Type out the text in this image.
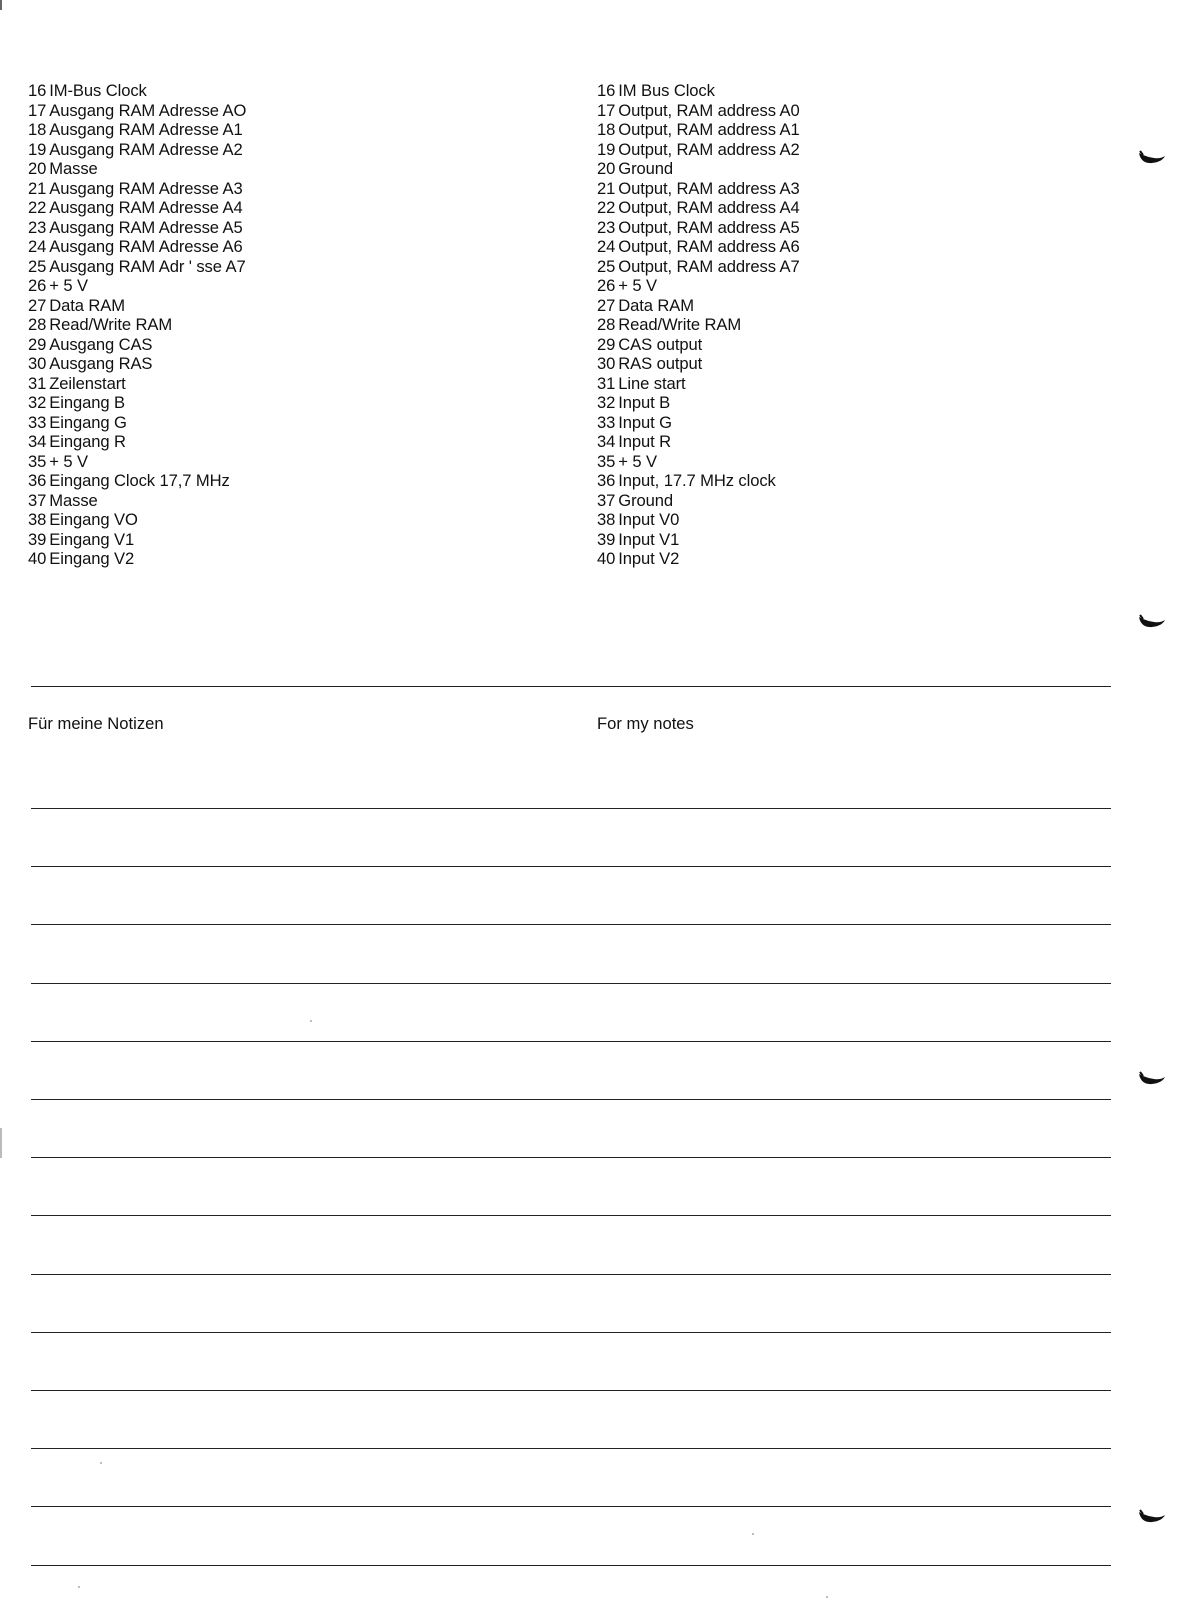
16 IM-Bus Clock
17 Ausgang RAM Adresse AO
18 Ausgang RAM Adresse A1
19 Ausgang RAM Adresse A2
20 Masse
21 Ausgang RAM Adresse A3
22 Ausgang RAM Adresse A4
23 Ausgang RAM Adresse A5
24 Ausgang RAM Adresse A6
25 Ausgang RAM Adr ' sse A7
26 + 5 V
27 Data RAM
28 Read/Write RAM
29 Ausgang CAS
30 Ausgang RAS
31 Zeilenstart
32 Eingang B
33 Eingang G
34 Eingang R
35 + 5 V
36 Eingang Clock 17,7 MHz
37 Masse
38 Eingang VO
39 Eingang V1
40 Eingang V2
16 IM Bus Clock
17 Output, RAM address A0
18 Output, RAM address A1
19 Output, RAM address A2
20 Ground
21 Output, RAM address A3
22 Output, RAM address A4
23 Output, RAM address A5
24 Output, RAM address A6
25 Output, RAM address A7
26 + 5 V
27 Data RAM
28 Read/Write RAM
29 CAS output
30 RAS output
31 Line start
32 Input B
33 Input G
34 Input R
35 + 5 V
36 Input, 17.7 MHz clock
37 Ground
38 Input V0
39 Input V1
40 Input V2
Für meine Notizen	For my notes
